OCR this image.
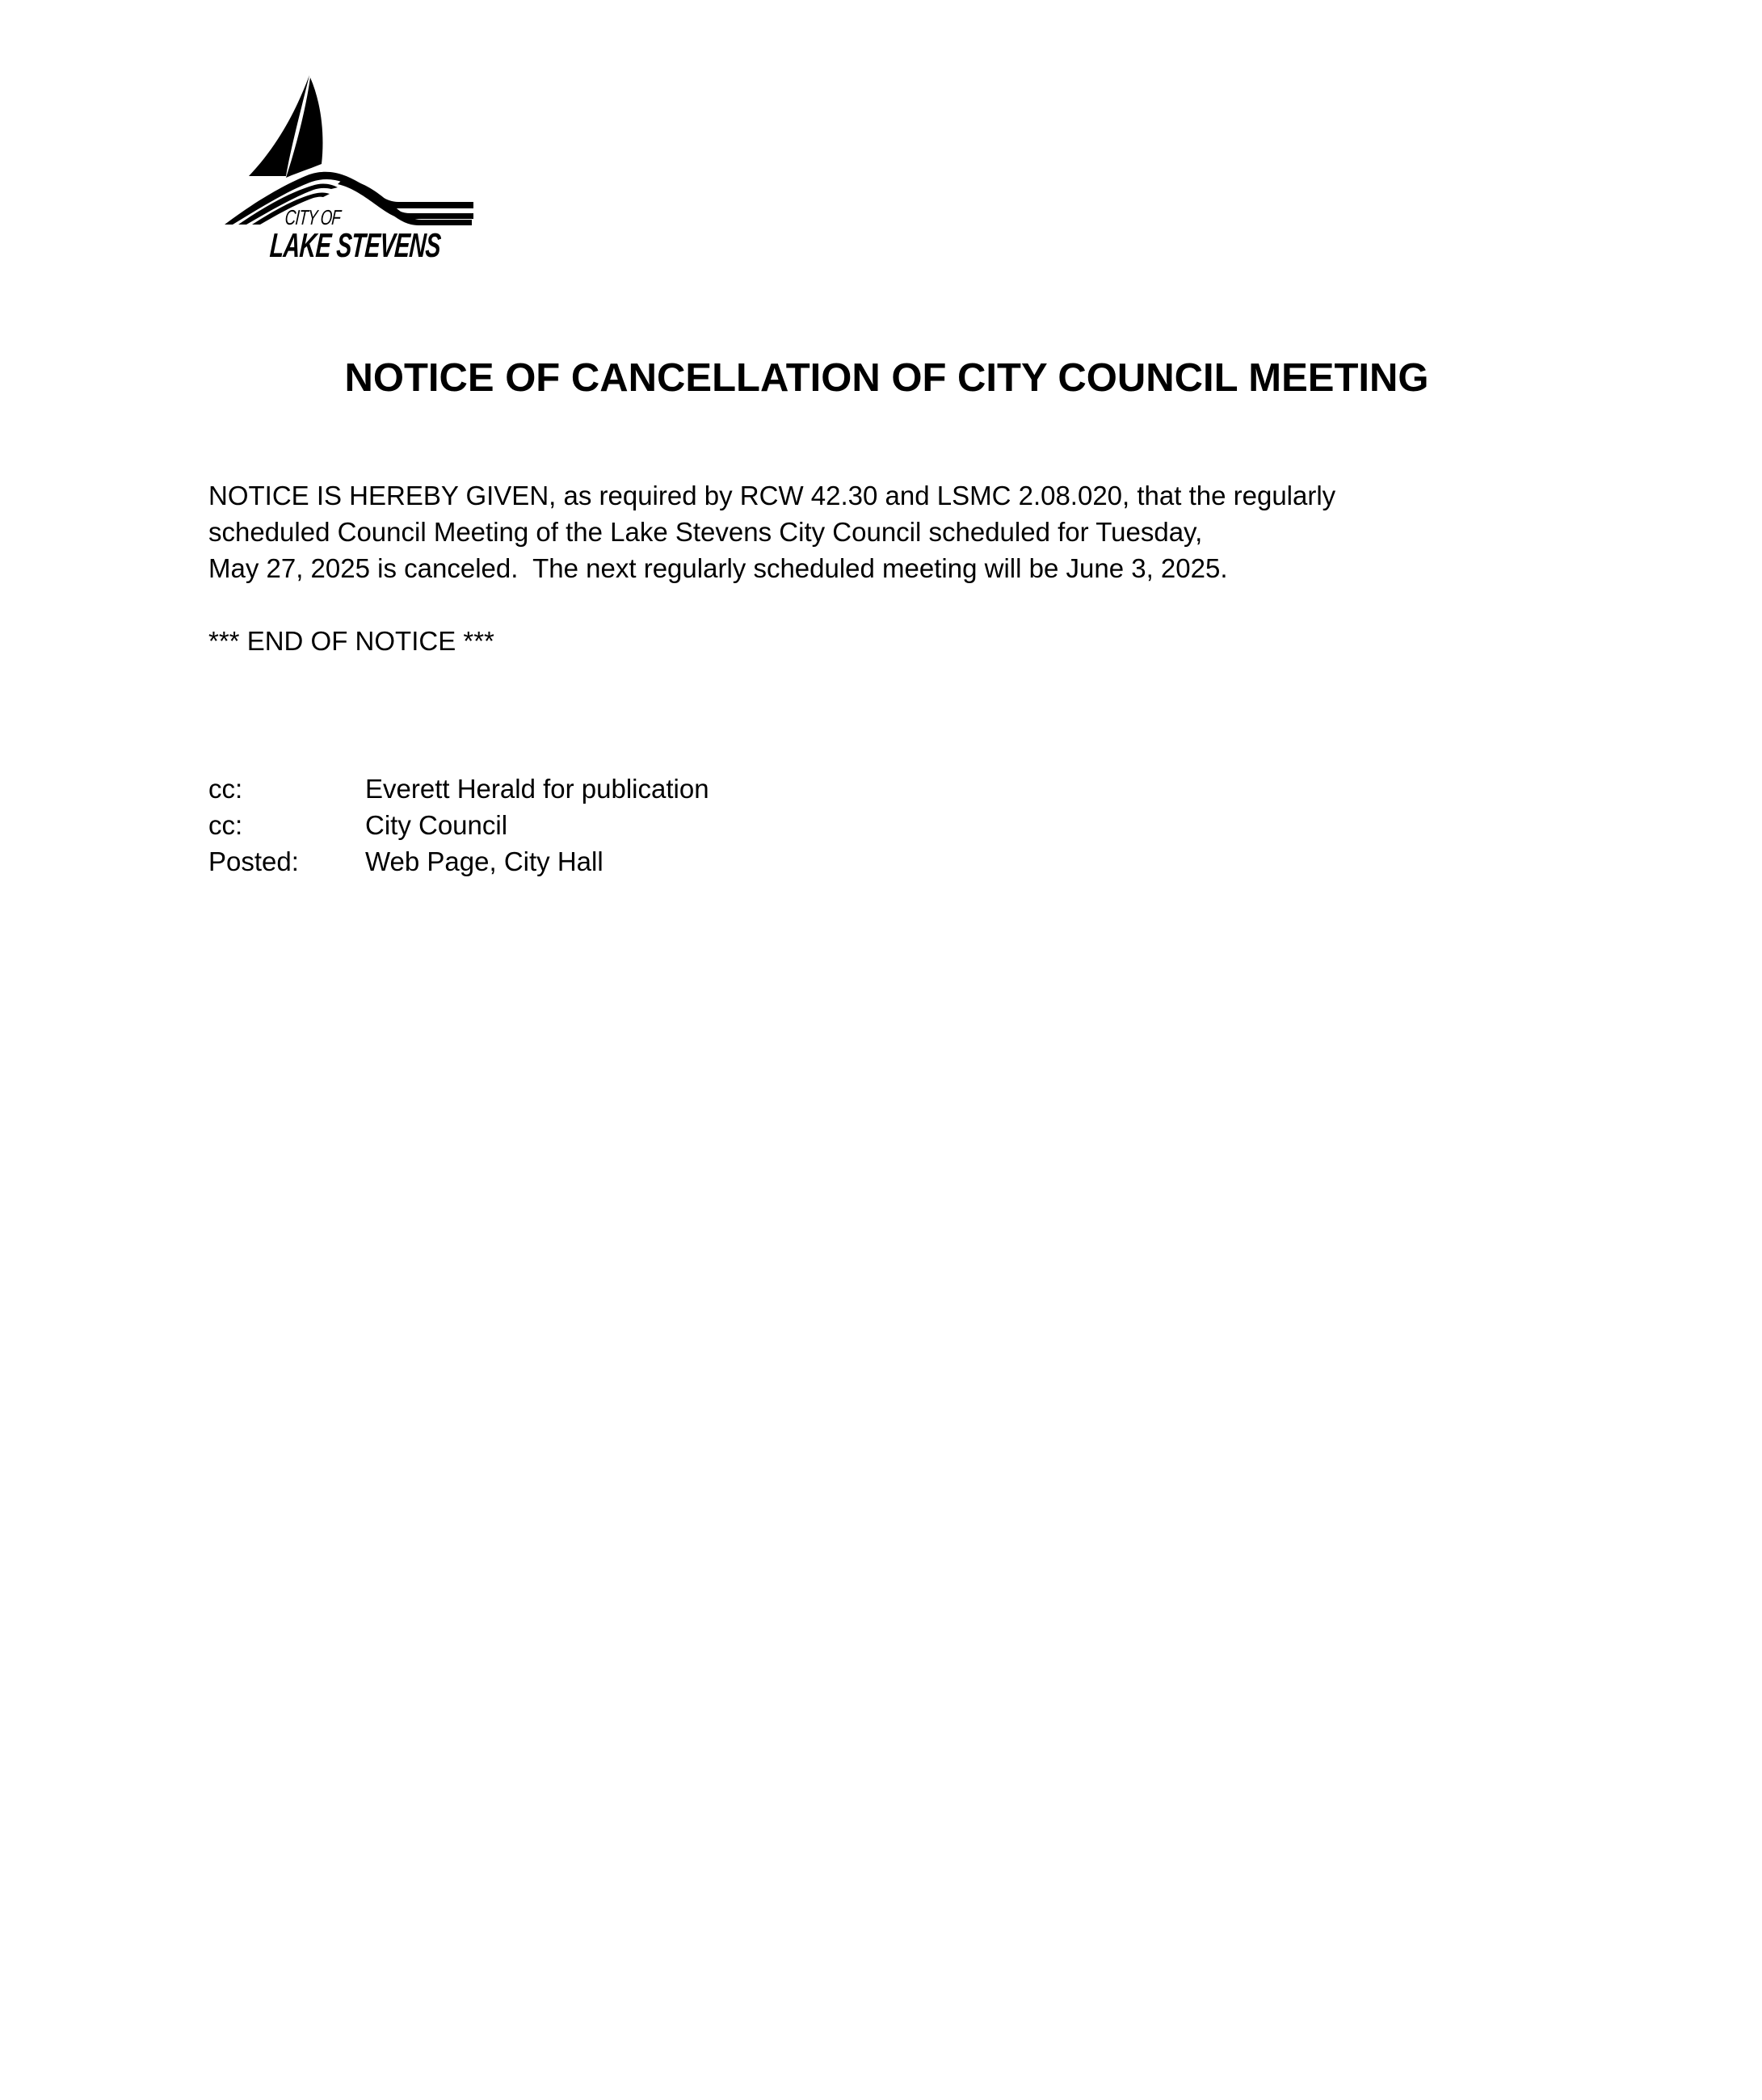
CITY OF
LAKE STEVENS
NOTICE OF CANCELLATION OF CITY COUNCIL MEETING
NOTICE IS HEREBY GIVEN, as required by RCW 42.30 and LSMC 2.08.020, that the regularly
scheduled Council Meeting of the Lake Stevens City Council scheduled for Tuesday,
May 27, 2025 is canceled.  The next regularly scheduled meeting will be June 3, 2025.
*** END OF NOTICE ***
cc:	Everett Herald for publication
cc:	City Council
Posted:	Web Page, City Hall
